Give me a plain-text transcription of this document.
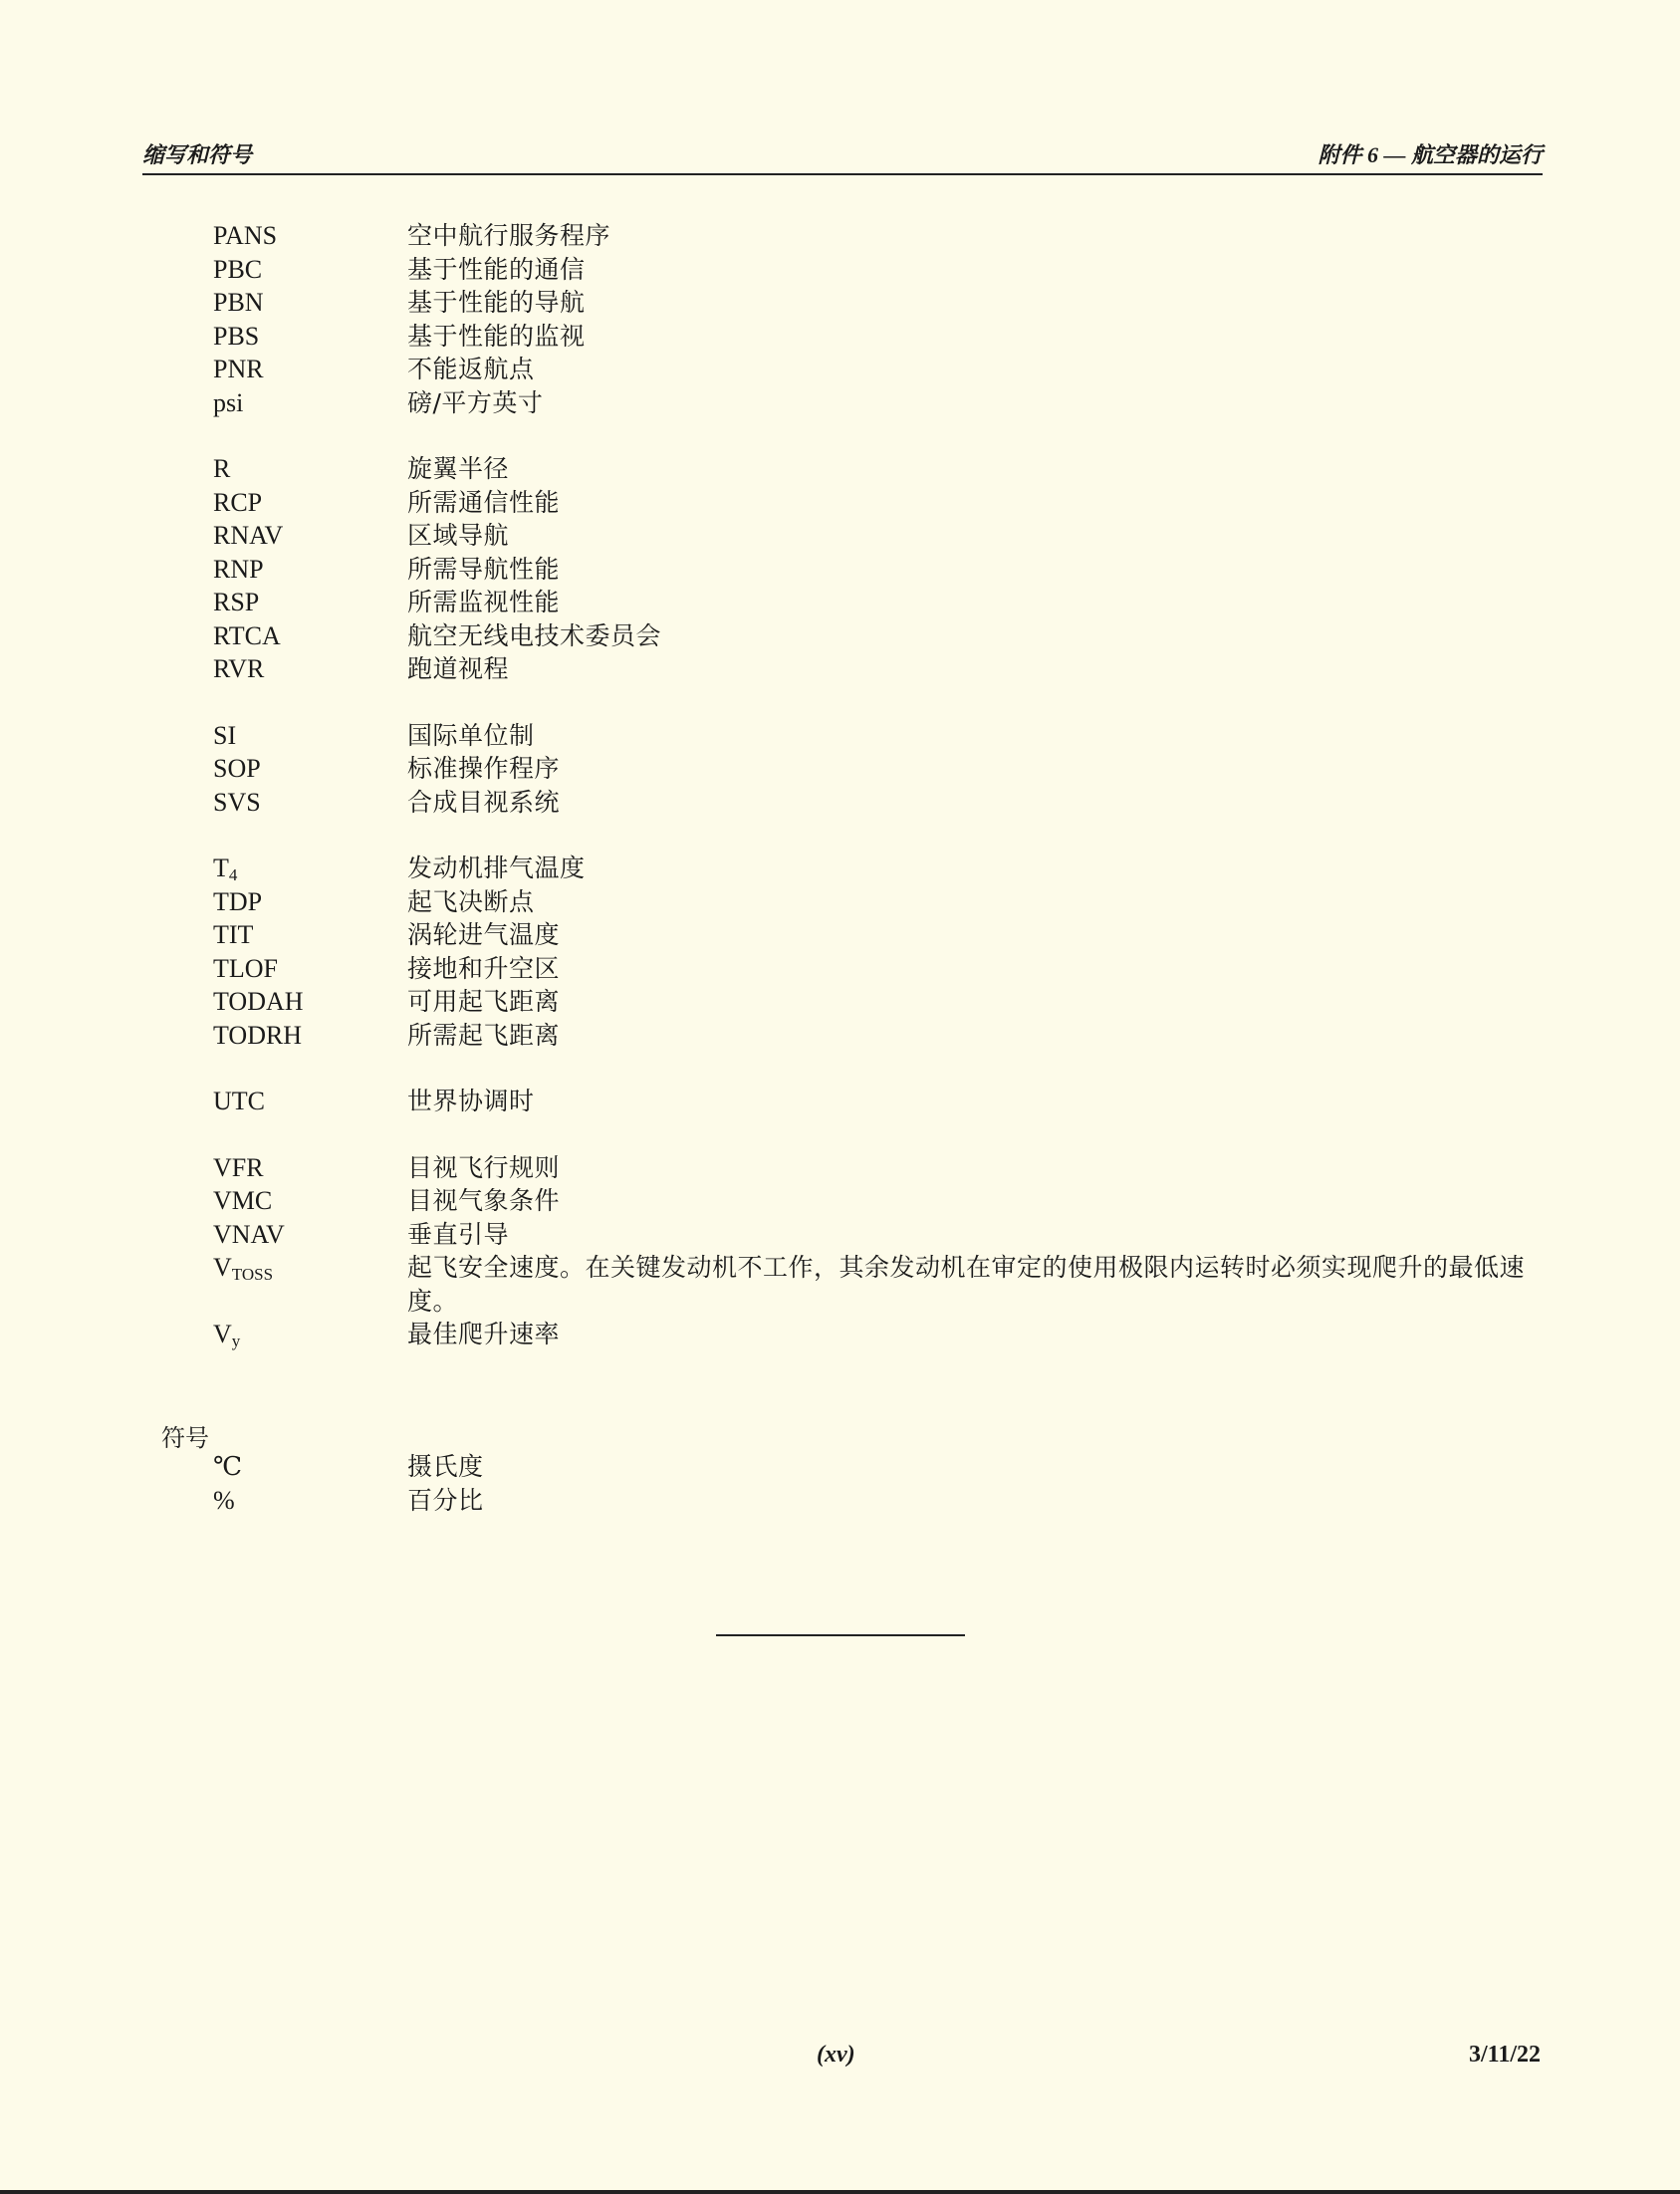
缩写和符号	附件 6 — 航空器的运行
PANS	空中航行服务程序
PBC	基于性能的通信
PBN	基于性能的导航
PBS	基于性能的监视
PNR	不能返航点
psi	磅/平方英寸
R	旋翼半径
RCP	所需通信性能
RNAV	区域导航
RNP	所需导航性能
RSP	所需监视性能
RTCA	航空无线电技术委员会
RVR	跑道视程
SI	国际单位制
SOP	标准操作程序
SVS	合成目视系统
$T_4$	发动机排气温度
TDP	起飞决断点
TIT	涡轮进气温度
TLOF	接地和升空区
TODAH	可用起飞距离
TODRH	所需起飞距离
UTC	世界协调时
VFR	目视飞行规则
VMC	目视气象条件
VNAV	垂直引导
$V_{TOSS}$	起飞安全速度。在关键发动机不工作，其余发动机在审定的使用极限内运转时必须实现爬升的最低速度。
$V_y$	最佳爬升速率
符号
℃	摄氏度
%	百分比
(xv)	3/11/22
